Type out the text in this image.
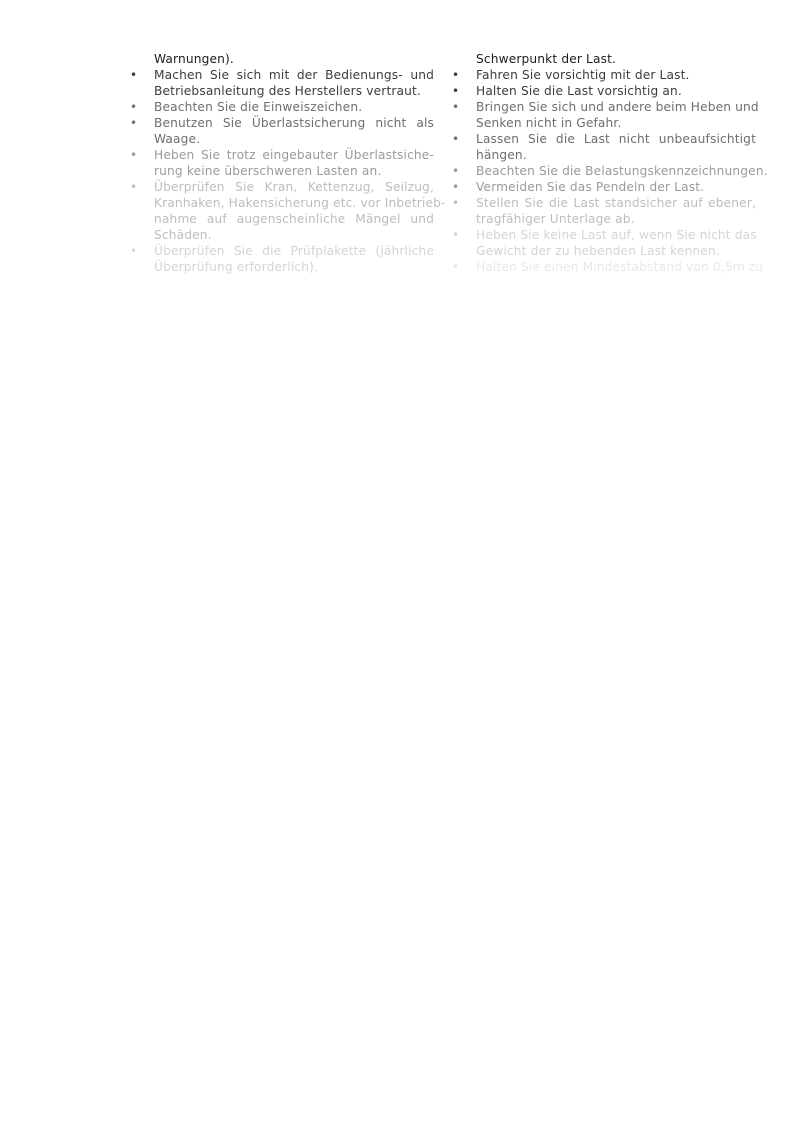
Warnungen).
• Machen Sie sich mit der Bedienungs- und

Betriebsanleitung des Herstellers vertraut.

• Beachten Sie die Einweiszeichen.

• Benutzen Sie Überlastsicherung nicht als

Waage.

• Heben Sie trotz eingebauter Überlastsiche-

rung keine überschweren Lasten an.

• Überprüfen Sie Kran, Kettenzug, Seilzug,

Kranhaken, Hakensicherung etc. vor Inbetrieb-

nahme auf augenscheinliche Mängel und

Schäden.

• Überprüfen Sie die Prüfplakette (jährliche

Überprüfung erforderlich).

Schwerpunkt der Last.
• Fahren Sie vorsichtig mit der Last.

• Halten Sie die Last vorsichtig an.

• Bringen Sie sich und andere beim Heben und

Senken nicht in Gefahr.

• Lassen Sie die Last nicht unbeaufsichtigt

hängen.

• Beachten Sie die Belastungskennzeichnungen.

• Vermeiden Sie das Pendeln der Last.

• Stellen Sie die Last standsicher auf ebener,

tragfähiger Unterlage ab.

• Heben Sie keine Last auf, wenn Sie nicht das

Gewicht der zu hebenden Last kennen.

• Halten Sie einen Mindestabstand von 0,5m zu
